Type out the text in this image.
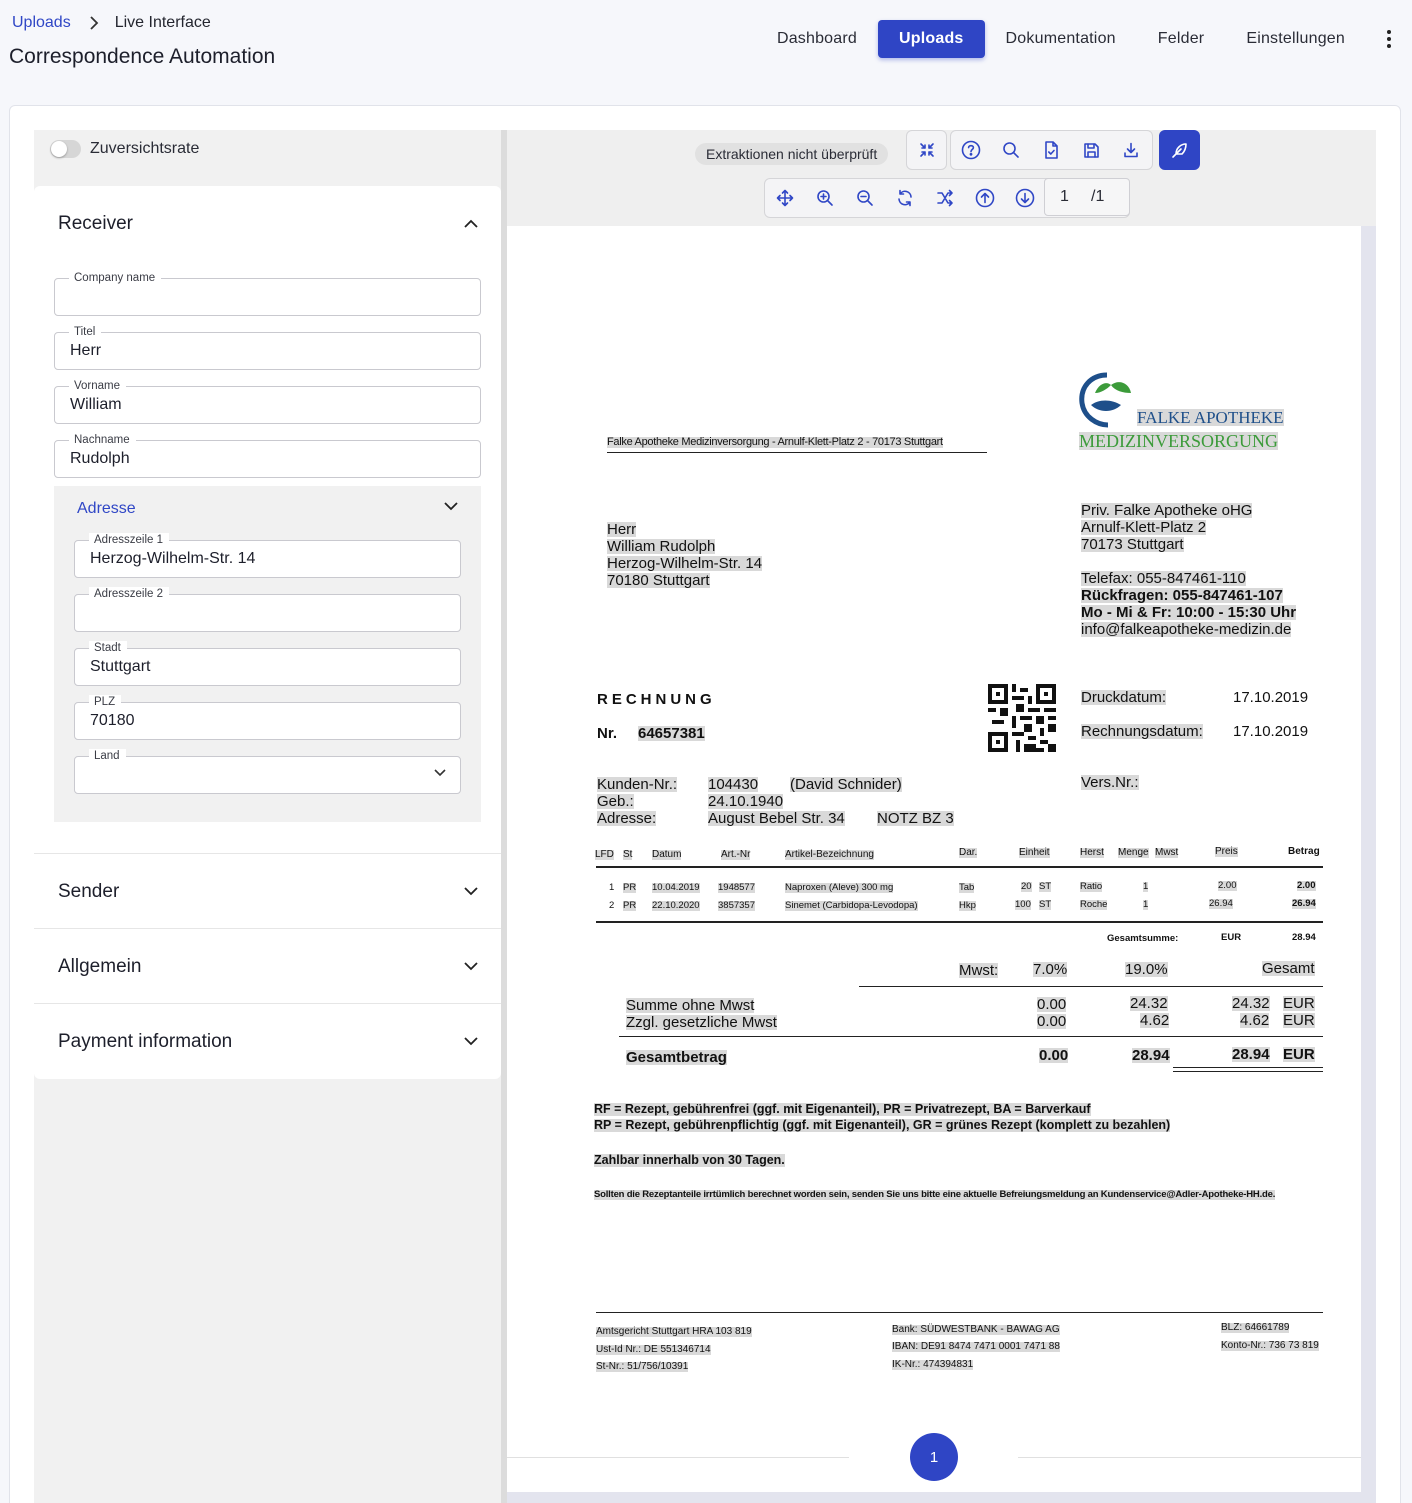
Uploads	Live Interface
Correspondence Automation
Dashboard	Uploads	Dokumentation	Felder	Einstellungen
Zuversichtsrate
Receiver
Company name
Titel
Herr
Vorname
William
Nachname
Rudolph
Adresse
Adresszeile 1
Herzog-Wilhelm-Str. 14
Adresszeile 2
Stadt
Stuttgart
PLZ
70180
Land
Sender
Allgemein
Payment information
Extraktionen nicht überprüft
1 /1
Falke Apotheke Medizinversorgung - Arnulf-Klett-Platz 2 - 70173 Stuttgart
FALKE APOTHEKE
MEDIZINVERSORGUNG
Herr
William Rudolph
Herzog-Wilhelm-Str. 14
70180 Stuttgart
Priv. Falke Apotheke oHG
Arnulf-Klett-Platz 2
70173 Stuttgart
Telefax: 055-847461-110
Rückfragen: 055-847461-107
Mo - Mi & Fr: 10:00 - 15:30 Uhr
info@falkeapotheke-medizin.de
RECHNUNG
Nr. 64657381
Druckdatum:	17.10.2019
Rechnungsdatum: 17.10.2019
Kunden-Nr.: 104430 (David Schnider)
Geb.:	24.10.1940
Adresse:	August Bebel Str. 34 NOTZ BZ 3
Vers.Nr.:
LFD St Datum	Art.-Nr	Artikel-Bezeichnung	Dar.	Einheit	Herst Menge Mwst	Preis	Betrag
1 PR 10.04.2019 1948577	Naproxen (Aleve) 300 mg	Tab	20 ST	Ratio	1	2.00	2.00
2 PR 22.10.2020 3857357	Sinemet (Carbidopa-Levodopa)	Hkp	100 ST	Roche	1	26.94	26.94
Gesamtsumme:	EUR	28.94
Mwst: 7.0%	19.0%	Gesamt
Summe ohne Mwst	0.00	24.32	24.32 EUR
Zzgl. gesetzliche Mwst	0.00	4.62	4.62 EUR
Gesamtbetrag	0.00	28.94	28.94 EUR
RF = Rezept, gebührenfrei (ggf. mit Eigenanteil), PR = Privatrezept, BA = Barverkauf
RP = Rezept, gebührenpflichtig (ggf. mit Eigenanteil), GR = grünes Rezept (komplett zu bezahlen)
Zahlbar innerhalb von 30 Tagen.
Sollten die Rezeptanteile irrtümlich berechnet worden sein, senden Sie uns bitte eine aktuelle Befreiungsmeldung an Kundenservice@Adler-Apotheke-HH.de.
Amtsgericht Stuttgart HRA 103 819
Ust-Id Nr.: DE 551346714
St-Nr.: 51/756/10391
Bank: SÜDWESTBANK - BAWAG AG
IBAN: DE91 8474 7471 0001 7471 88
IK-Nr.: 474394831
BLZ: 64661789
Konto-Nr.: 736 73 819
1
